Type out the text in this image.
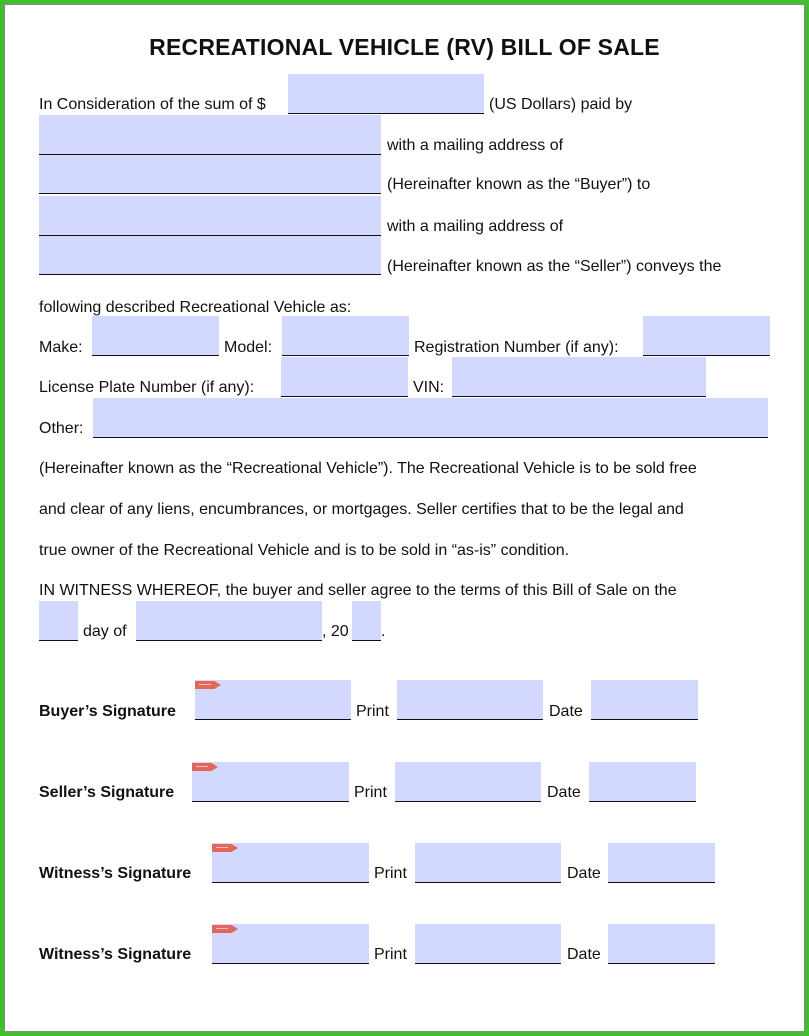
RECREATIONAL VEHICLE (RV) BILL OF SALE
In Consideration of the sum of $	(US Dollars) paid by
with a mailing address of
(Hereinafter known as the “Buyer”) to
with a mailing address of
(Hereinafter known as the “Seller”) conveys the
following described Recreational Vehicle as:
Make:	Model:	Registration Number (if any):
License Plate Number (if any):	VIN:
Other:
(Hereinafter known as the “Recreational Vehicle”). The Recreational Vehicle is to be sold free
and clear of any liens, encumbrances, or mortgages. Seller certifies that to be the legal and
true owner of the Recreational Vehicle and is to be sold in “as-is” condition.
IN WITNESS WHEREOF, the buyer and seller agree to the terms of this Bill of Sale on the
day of	, 20 .
Buyer’s Signature	Print	Date
Seller’s Signature	Print	Date
Witness’s Signature	Print	Date
Witness’s Signature	Print	Date
